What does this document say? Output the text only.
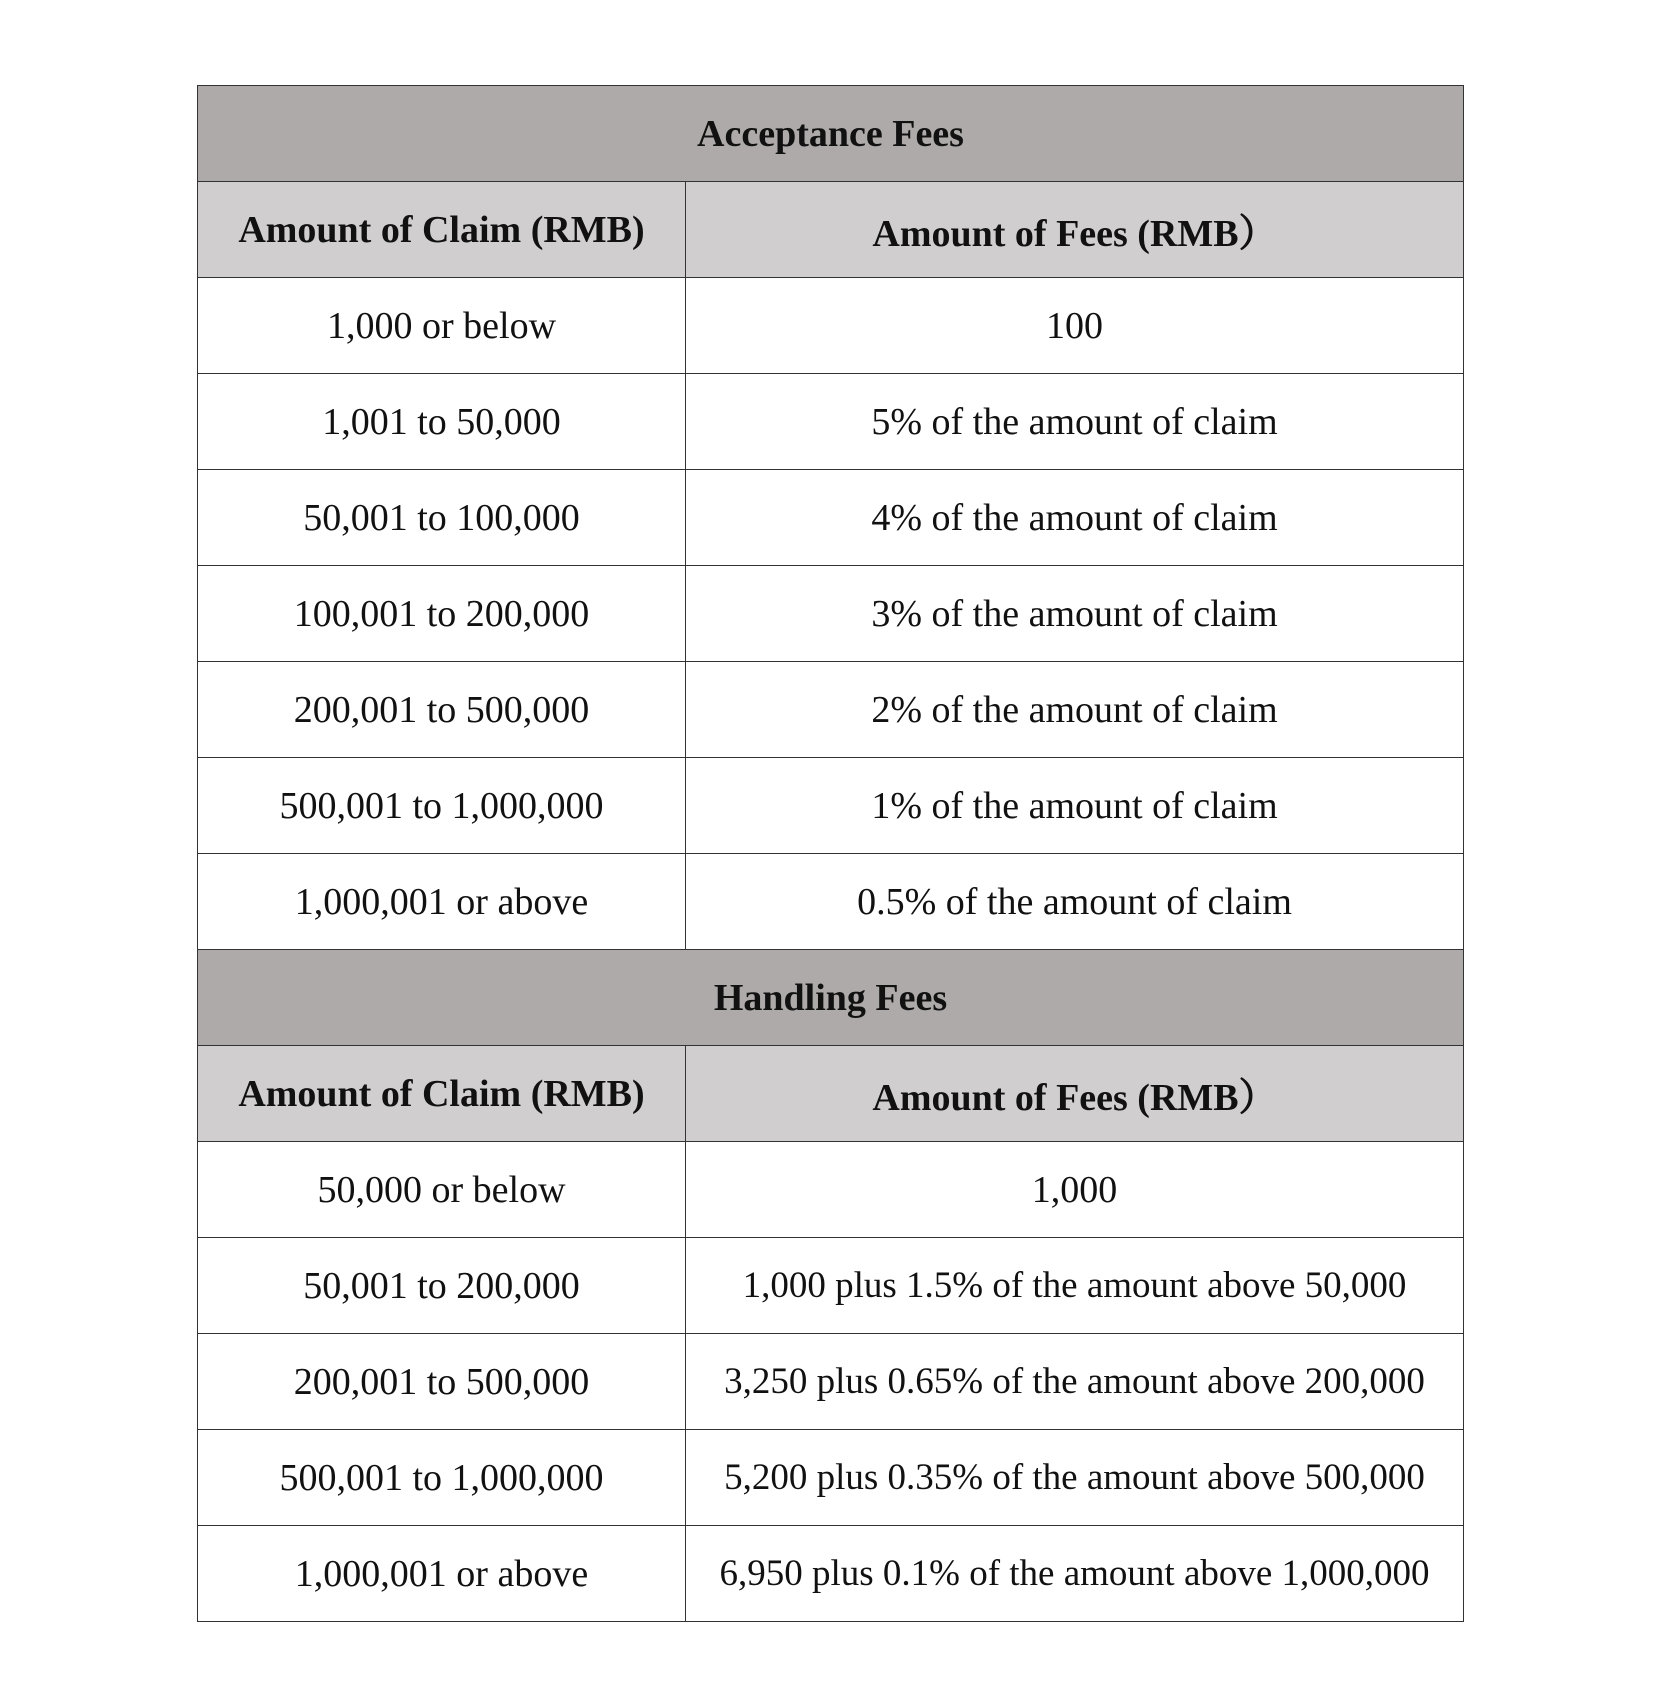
Acceptance Fees	
Amount of Claim (RMB)	Amount of Fees (RMB）
1,000 or below	100
1,001 to 50,000	5% of the amount of claim
50,001 to 100,000	4% of the amount of claim
100,001 to 200,000	3% of the amount of claim
200,001 to 500,000	2% of the amount of claim
500,001 to 1,000,000	1% of the amount of claim
1,000,001 or above	0.5% of the amount of claim
Handling Fees	
Amount of Claim (RMB)	Amount of Fees (RMB）
50,000 or below	1,000
50,001 to 200,000	1,000 plus 1.5% of the amount above 50,000
200,001 to 500,000	3,250 plus 0.65% of the amount above 200,000
500,001 to 1,000,000	5,200 plus 0.35% of the amount above 500,000
1,000,001 or above	6,950 plus 0.1% of the amount above 1,000,000
